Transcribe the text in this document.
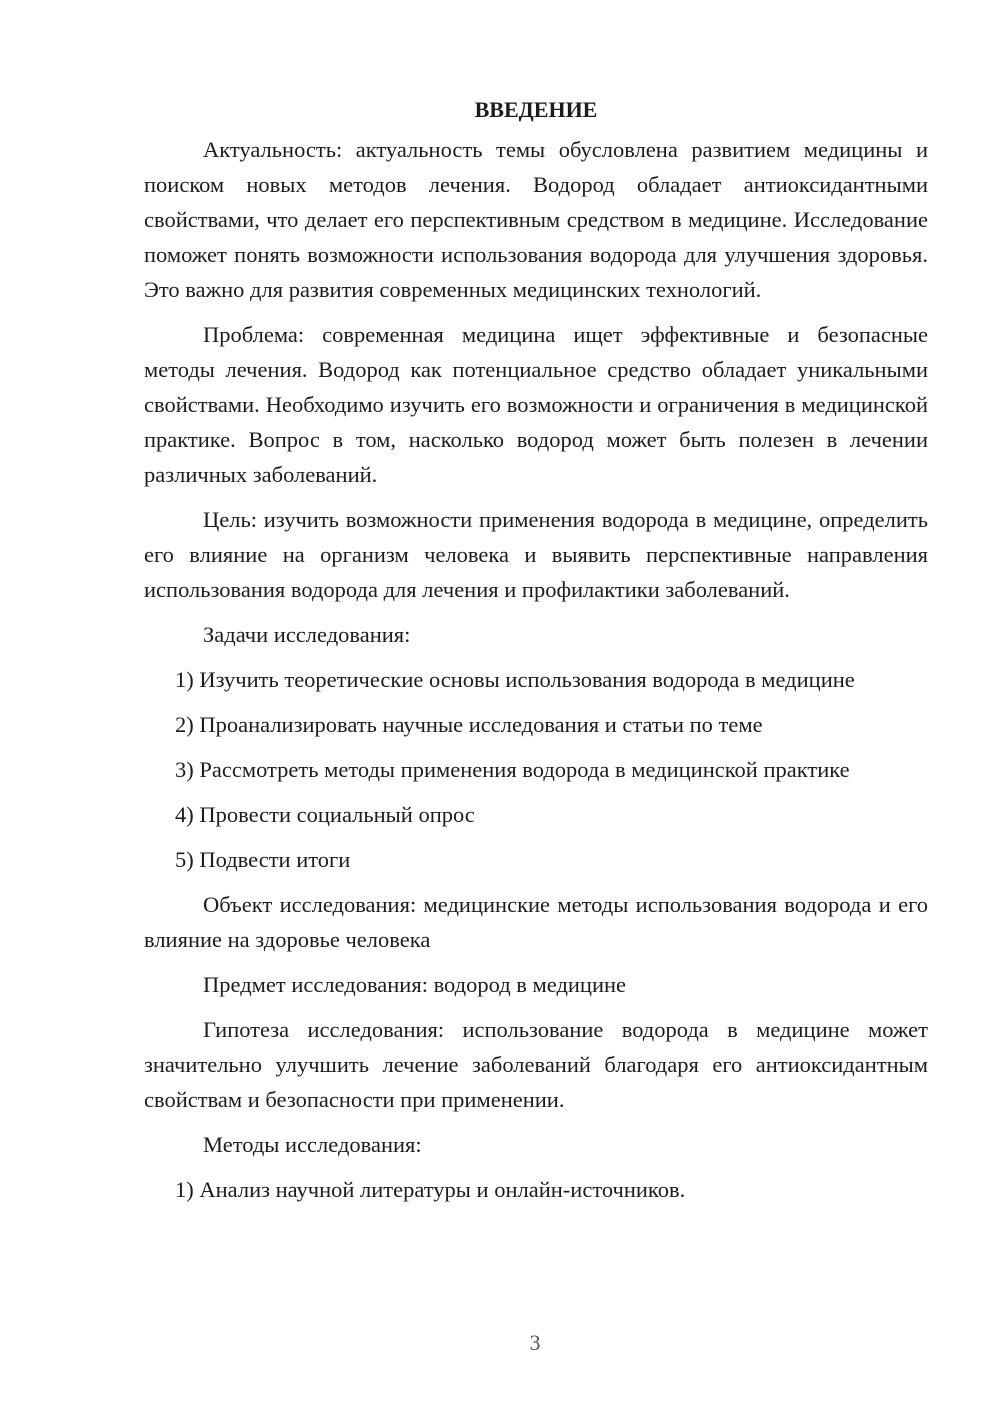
ВВЕДЕНИЕ

Актуальность: актуальность темы обусловлена развитием медицины и поиском новых методов лечения. Водород обладает антиоксидантными свойствами, что делает его перспективным средством в медицине. Исследование поможет понять возможности использования водорода для улучшения здоровья. Это важно для развития современных медицинских технологий.

Проблема: современная медицина ищет эффективные и безопасные методы лечения. Водород как потенциальное средство обладает уникальными свойствами. Необходимо изучить его возможности и ограничения в медицинской практике. Вопрос в том, насколько водород может быть полезен в лечении различных заболеваний.

Цель: изучить возможности применения водорода в медицине, определить его влияние на организм человека и выявить перспективные направления использования водорода для лечения и профилактики заболеваний.

Задачи исследования:

1) Изучить теоретические основы использования водорода в медицине

2) Проанализировать научные исследования и статьи по теме

3) Рассмотреть методы применения водорода в медицинской практике

4) Провести социальный опрос

5) Подвести итоги

Объект исследования: медицинские методы использования водорода и его влияние на здоровье человека

Предмет исследования: водород в медицине

Гипотеза исследования: использование водорода в медицине может значительно улучшить лечение заболеваний благодаря его антиоксидантным свойствам и безопасности при применении.

Методы исследования:

1) Анализ научной литературы и онлайн-источников.

3
